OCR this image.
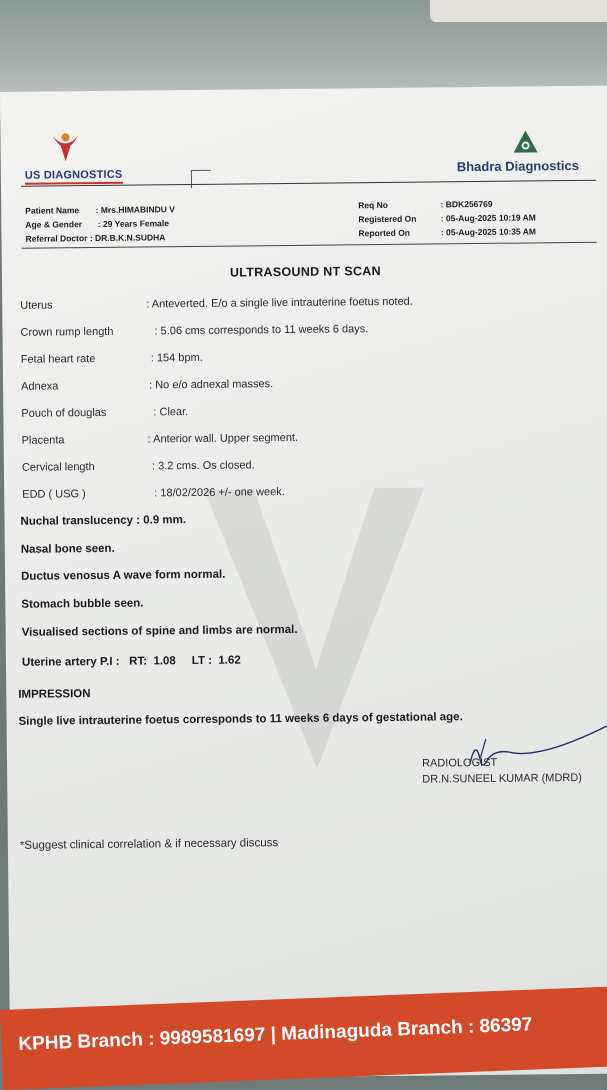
US DIAGNOSTICS
Bhadra Diagnostics
Patient Name : Mrs.HIMABINDU V
Age & Gender : 29 Years Female
Referral Doctor : DR.B.K.N.SUDHA
Req No	: BDK256769
Registered On	: 05-Aug-2025 10:19 AM
Reported On	: 05-Aug-2025 10:35 AM
ULTRASOUND NT SCAN
Uterus	: Anteverted. E/o a single live intrauterine foetus noted.
Crown rump length	: 5.06 cms corresponds to 11 weeks 6 days.
Fetal heart rate	: 154 bpm.
Adnexa	: No e/o adnexal masses.
Pouch of douglas	: Clear.
Placenta	: Anterior wall. Upper segment.
Cervical length	: 3.2 cms. Os closed.
EDD ( USG )	: 18/02/2026 +/- one week.
Nuchal translucency : 0.9 mm.
Nasal bone seen.
Ductus venosus A wave form normal.
Stomach bubble seen.
Visualised sections of spine and limbs are normal.
Uterine artery P.I :   RT:  1.08     LT :  1.62
IMPRESSION
Single live intrauterine foetus corresponds to 11 weeks 6 days of gestational age.
RADIOLOGIST
DR.N.SUNEEL KUMAR (MDRD)
*Suggest clinical correlation & if necessary discuss
KPHB Branch : 9989581697 | Madinaguda Branch : 86397
